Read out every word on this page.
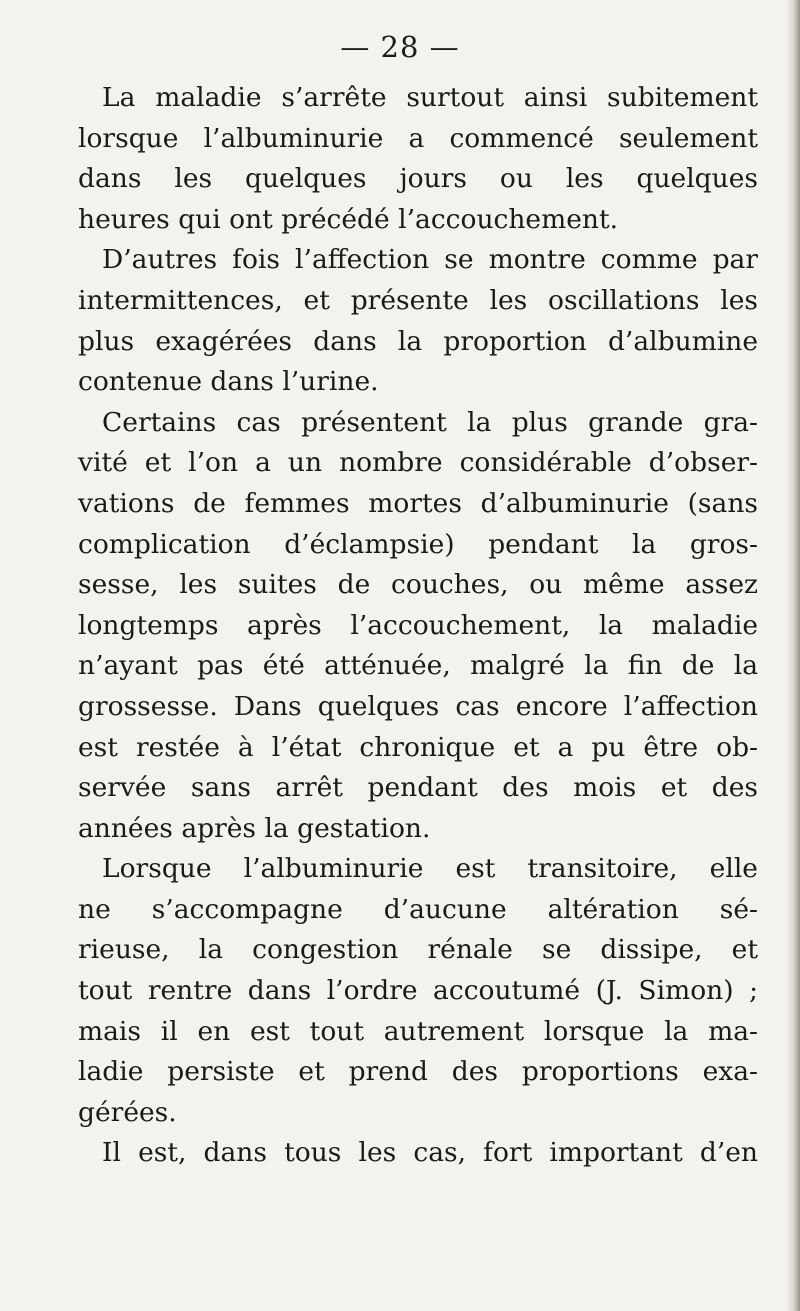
— 28 —
La maladie s’arrête surtout ainsi subitement
lorsque l’albuminurie a commencé seulement
dans les quelques jours ou les quelques
heures qui ont précédé l’accouchement.
D’autres fois l’affection se montre comme par
intermittences, et présente les oscillations les
plus exagérées dans la proportion d’albumine
contenue dans l’urine.
Certains cas présentent la plus grande gra-
vité et l’on a un nombre considérable d’obser-
vations de femmes mortes d’albuminurie (sans
complication d’éclampsie) pendant la gros-
sesse, les suites de couches, ou même assez
longtemps après l’accouchement, la maladie
n’ayant pas été atténuée, malgré la fin de la
grossesse. Dans quelques cas encore l’affection
est restée à l’état chronique et a pu être ob-
servée sans arrêt pendant des mois et des
années après la gestation.
Lorsque l’albuminurie est transitoire, elle
ne s’accompagne d’aucune altération sé-
rieuse, la congestion rénale se dissipe, et
tout rentre dans l’ordre accoutumé (J. Simon) ;
mais il en est tout autrement lorsque la ma-
ladie persiste et prend des proportions exa-
gérées.
Il est, dans tous les cas, fort important d’en
